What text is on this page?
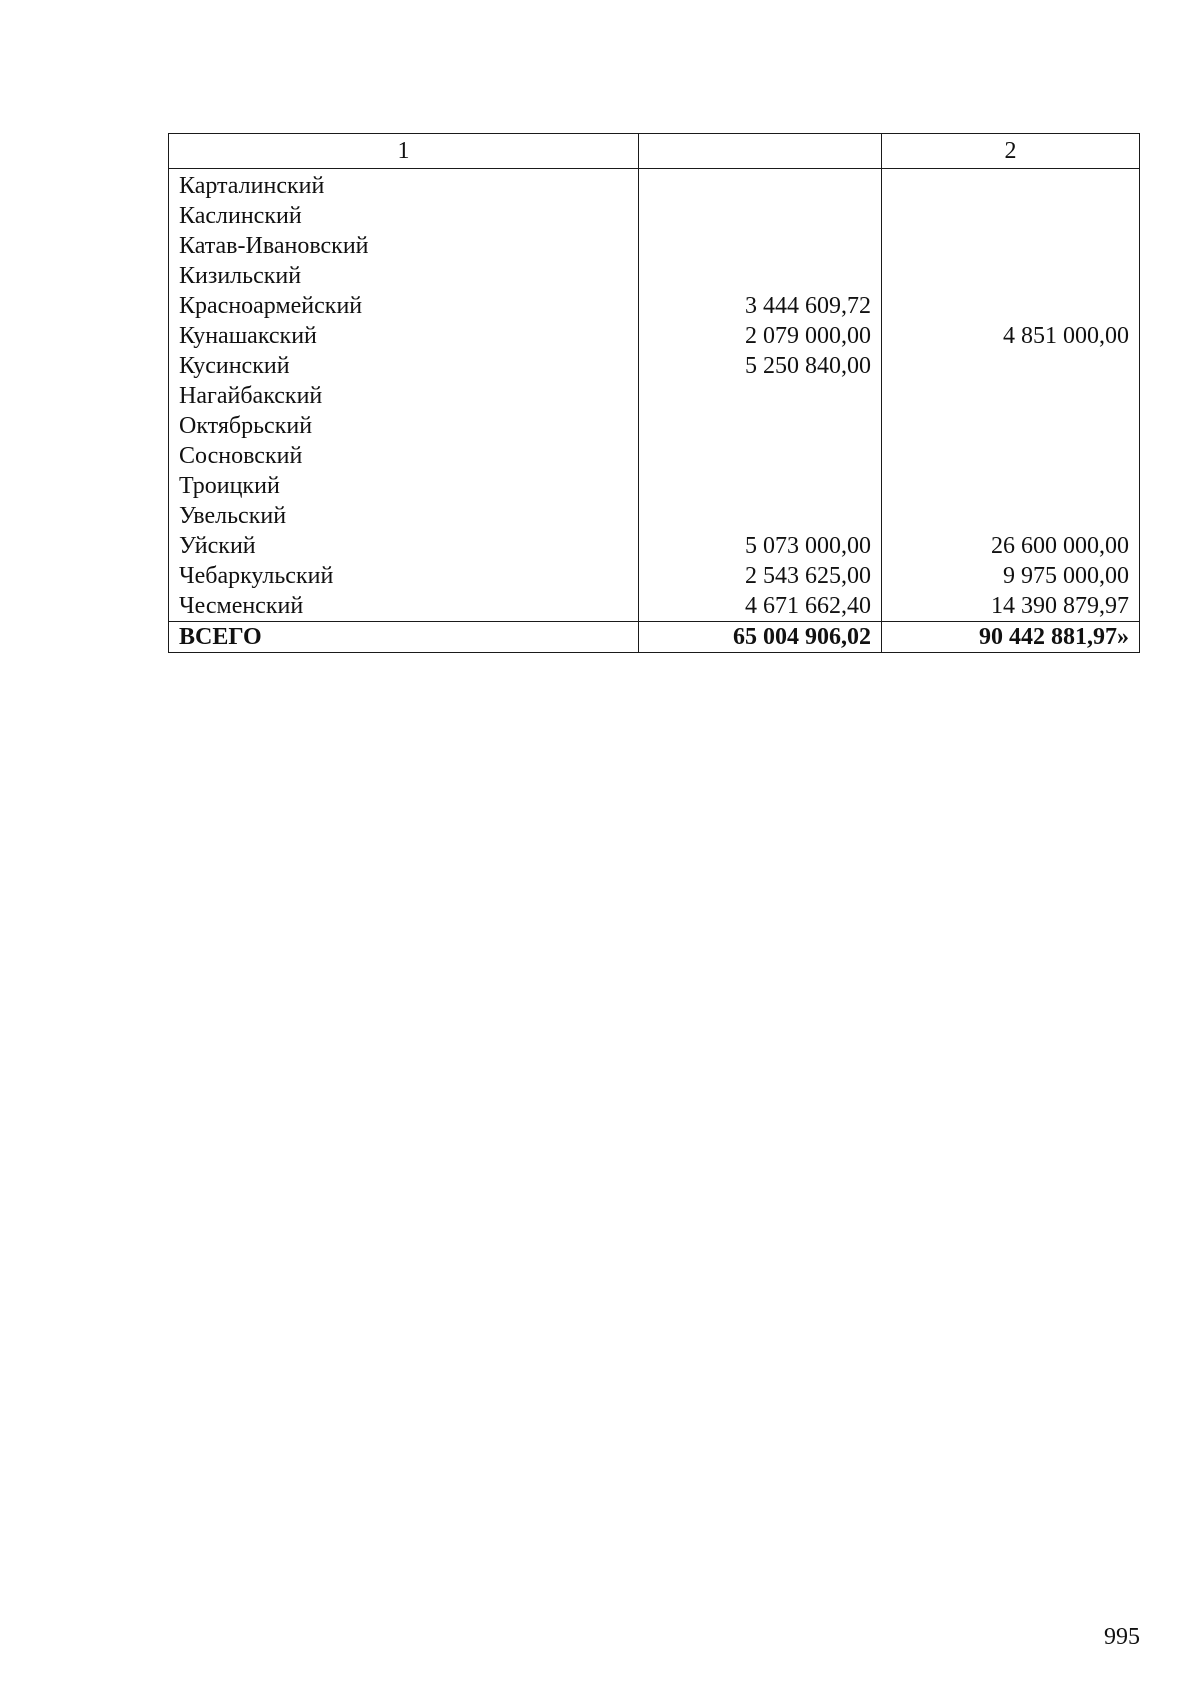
1		2
Карталинский		
Каслинский		
Катав-Ивановский		
Кизильский		
Красноармейский	3 444 609,72	
Кунашакский	2 079 000,00	4 851 000,00
Кусинский	5 250 840,00	
Нагайбакский		
Октябрьский		
Сосновский		
Троицкий		
Увельский		
Уйский	5 073 000,00	26 600 000,00
Чебаркульский	2 543 625,00	9 975 000,00
Чесменский	4 671 662,40	14 390 879,97
ВСЕГО	65 004 906,02	90 442 881,97»
995
